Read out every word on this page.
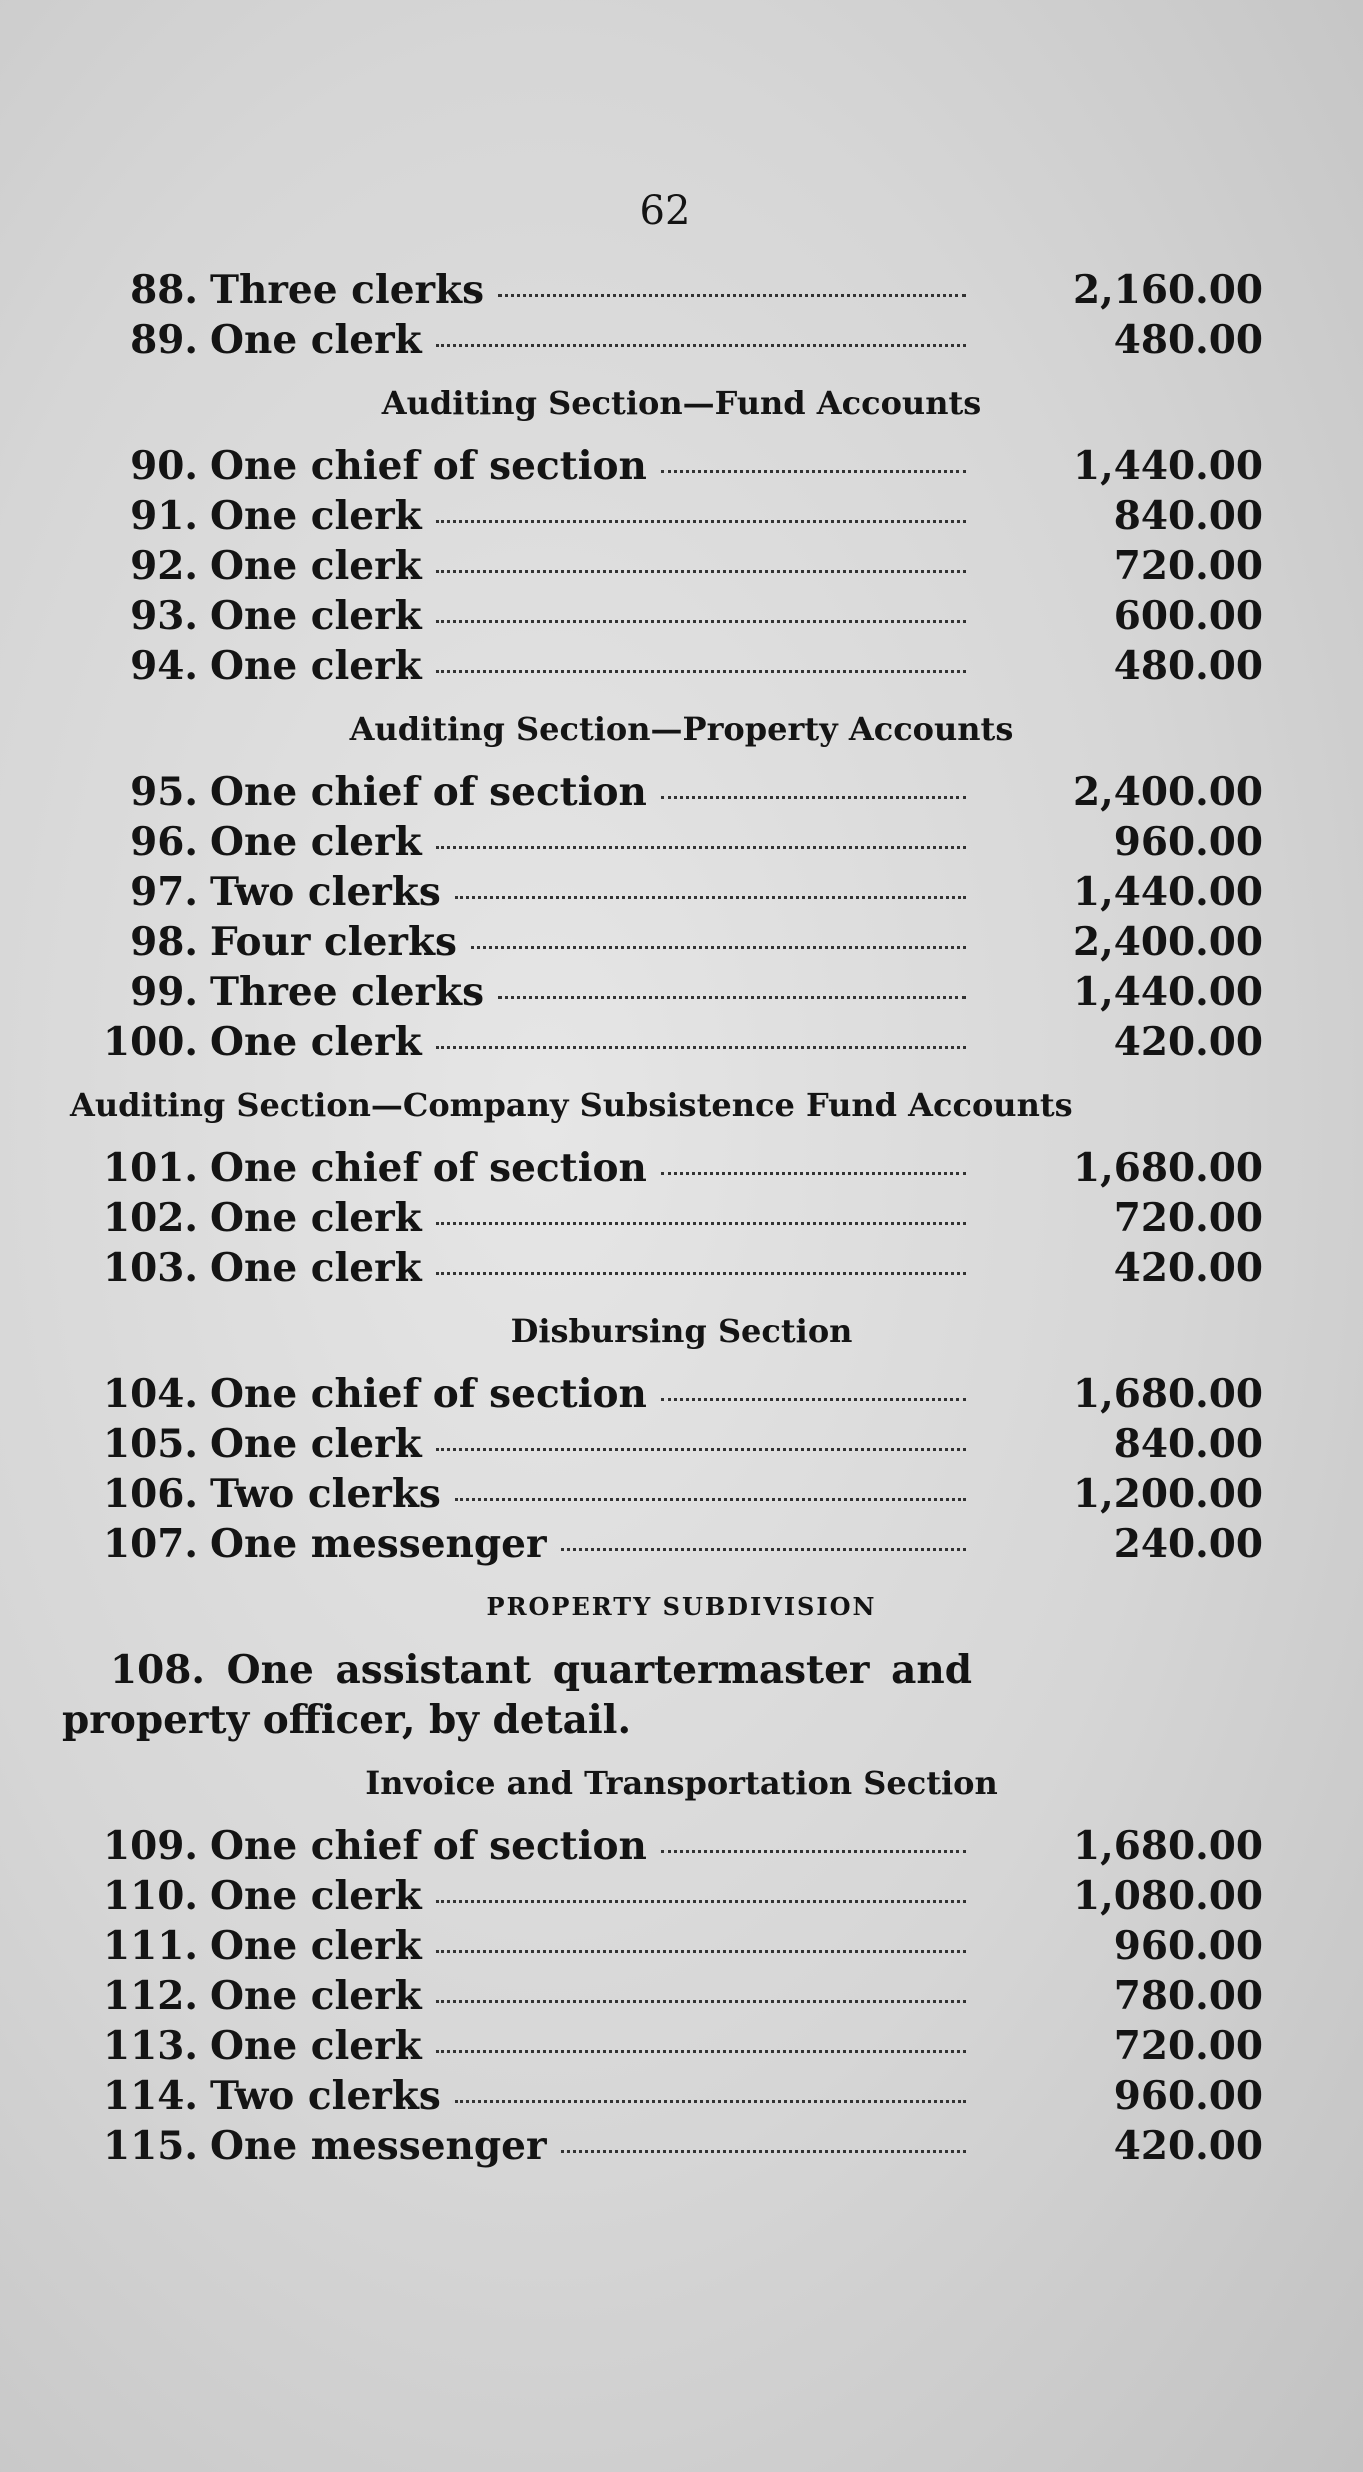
62
88. Three clerks	2,160.00
89. One clerk	480.00
Auditing Section—Fund Accounts
90. One chief of section	1,440.00
91. One clerk	840.00
92. One clerk	720.00
93. One clerk	600.00
94. One clerk	480.00
Auditing Section—Property Accounts
95. One chief of section	2,400.00
96. One clerk	960.00
97. Two clerks	1,440.00
98. Four clerks	2,400.00
99. Three clerks	1,440.00
100. One clerk	420.00
Auditing Section—Company Subsistence Fund Accounts
101. One chief of section	1,680.00
102. One clerk	720.00
103. One clerk	420.00
Disbursing Section
104. One chief of section	1,680.00
105. One clerk	840.00
106. Two clerks	1,200.00
107. One messenger	240.00
PROPERTY SUBDIVISION
108. One assistant quartermaster and
property officer, by detail.
Invoice and Transportation Section
109. One chief of section	1,680.00
110. One clerk	1,080.00
111. One clerk	960.00
112. One clerk	780.00
113. One clerk	720.00
114. Two clerks	960.00
115. One messenger	420.00
